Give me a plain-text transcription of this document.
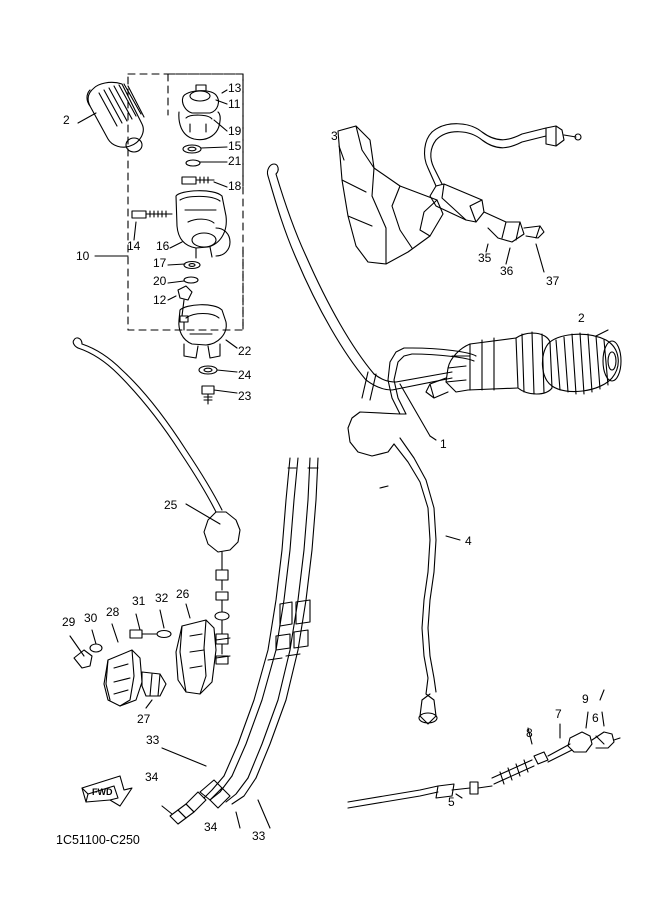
2
13
11
19
15
21
18
3
35
36
37
2
10
14 16
17
20
12
22
24
23
1
25
4
29 30 28
31 32 26
27
33
34
34
33
5
8
7
9
6
FWD
1C51100-C250
